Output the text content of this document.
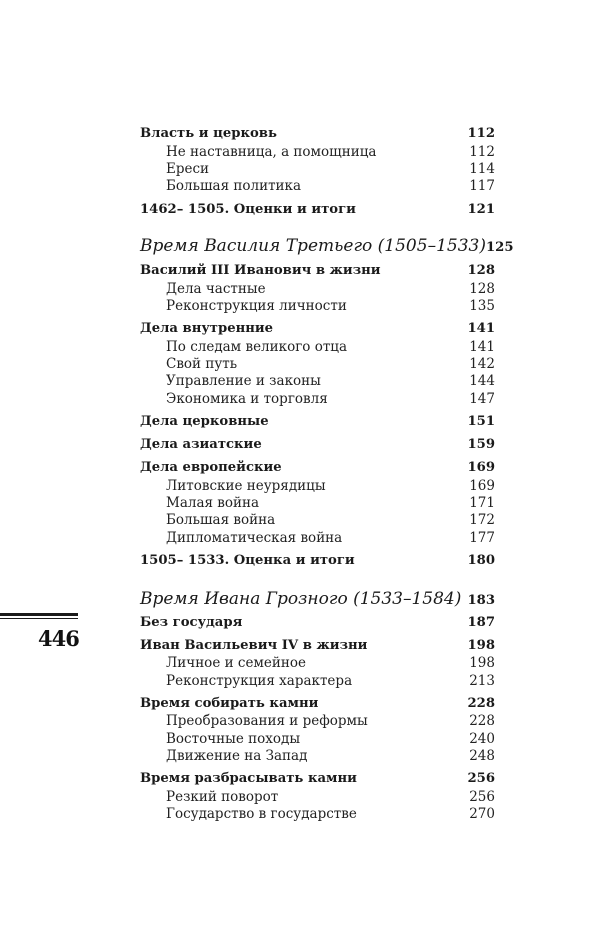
446
Власть и церковь	112
Не наставница, а помощница	112
Ереси	114
Большая политика	117
1462– 1505. Оценки и итоги	121
Время Василия Третьего (1505–1533) 125
Василий III Иванович в жизни	128
Дела частные	128
Реконструкция личности	135
Дела внутренние	141
По следам великого отца	141
Свой путь	142
Управление и законы	144
Экономика и торговля	147
Дела церковные	151
Дела азиатские	159
Дела европейские	169
Литовские неурядицы	169
Малая война	171
Большая война	172
Дипломатическая война	177
1505– 1533. Оценка и итоги	180
Время Ивана Грозного (1533–1584) 183
Без государя	187
Иван Васильевич IV в жизни	198
Личное и семейное	198
Реконструкция характера	213
Время собирать камни	228
Преобразования и реформы	228
Восточные походы	240
Движение на Запад	248
Время разбрасывать камни	256
Резкий поворот	256
Государство в государстве	270
